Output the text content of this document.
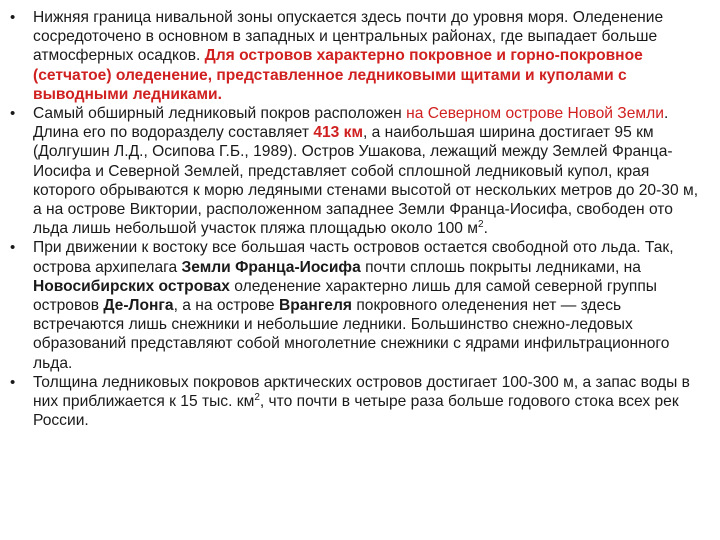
•	Нижняя граница нивальной зоны опускается здесь почти до уровня моря. Оледенение сосредоточено в основном в западных и центральных районах, где выпадает больше атмосферных осадков. Для островов характерно покровное и горно-покровное (сетчатое) оледенение, представленное ледниковыми щитами и куполами с выводными ледниками.
•	Самый обширный ледниковый покров расположен на Северном острове Новой Земли. Длина его по водоразделу составляет 413 км, а наибольшая ширина достигает 95 км (Долгушин Л.Д., Осипова Г.Б., 1989). Остров Ушакова, лежащий между Землей Франца-Иосифа и Северной Землей, представляет собой сплошной ледниковый купол, края которого обрываются к морю ледяными стенами высотой от нескольких метров до 20-30 м, а на острове Виктории, расположенном западнее Земли Франца-Иосифа, свободен ото льда лишь небольшой участок пляжа площадью около 100 $м^2$.
•	При движении к востоку все большая часть островов остается свободной ото льда. Так, острова архипелага Земли Франца-Иосифа почти сплошь покрыты ледниками, на Новосибирских островах оледенение характерно лишь для самой северной группы островов Де-Лонга, а на острове Врангеля покровного оледенения нет — здесь встречаются лишь снежники и небольшие ледники. Большинство снежно-ледовых образований представляют собой многолетние снежники с ядрами инфильтрационного льда.
•	Толщина ледниковых покровов арктических островов достигает 100-300 м, а запас воды в них приближается к 15 тыс. $км^2$, что почти в четыре раза больше годового стока всех рек России.
